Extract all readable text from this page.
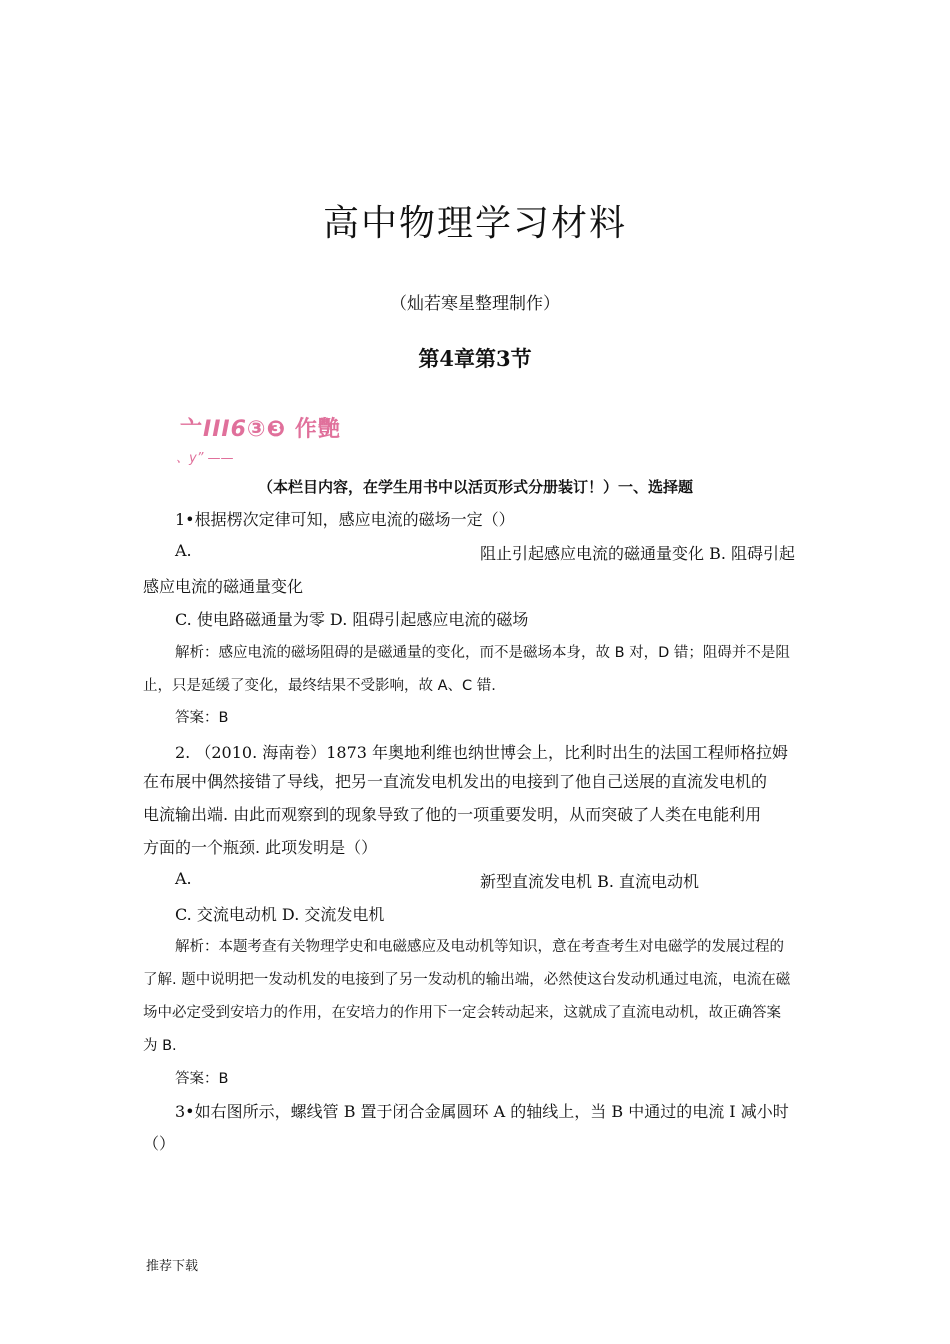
高中物理学习材料
（灿若寒星整理制作）
第4章第3节
亠III6③❸ 作艷
、y” ——
（本栏目内容，在学生用书中以活页形式分册装订！）一、选择题
1•根据楞次定律可知，感应电流的磁场一定（）
A.	阻止引起感应电流的磁通量变化 B. 阻碍引起
感应电流的磁通量变化
C. 使电路磁通量为零 D. 阻碍引起感应电流的磁场
解析：感应电流的磁场阻碍的是磁通量的变化，而不是磁场本身，故 B 对，D 错；阻碍并不是阻
止，只是延缓了变化，最终结果不受影响，故 A、C 错.
答案：B
2. （2010. 海南卷）1873 年奥地利维也纳世博会上，比利时出生的法国工程师格拉姆
在布展中偶然接错了导线，把另一直流发电机发出的电接到了他自己送展的直流发电机的
电流输出端. 由此而观察到的现象导致了他的一项重要发明，从而突破了人类在电能利用
方面的一个瓶颈. 此项发明是（）
A.	新型直流发电机 B. 直流电动机
C. 交流电动机 D. 交流发电机
解析：本题考查有关物理学史和电磁感应及电动机等知识，意在考查考生对电磁学的发展过程的
了解. 题中说明把一发动机发的电接到了另一发动机的输出端，必然使这台发动机通过电流，电流在磁
场中必定受到安培力的作用，在安培力的作用下一定会转动起来，这就成了直流电动机，故正确答案
为 B.
答案：B
3•如右图所示，螺线管 B 置于闭合金属圆环 A 的轴线上，当 B 中通过的电流 I 减小时
（）
推荐下载
